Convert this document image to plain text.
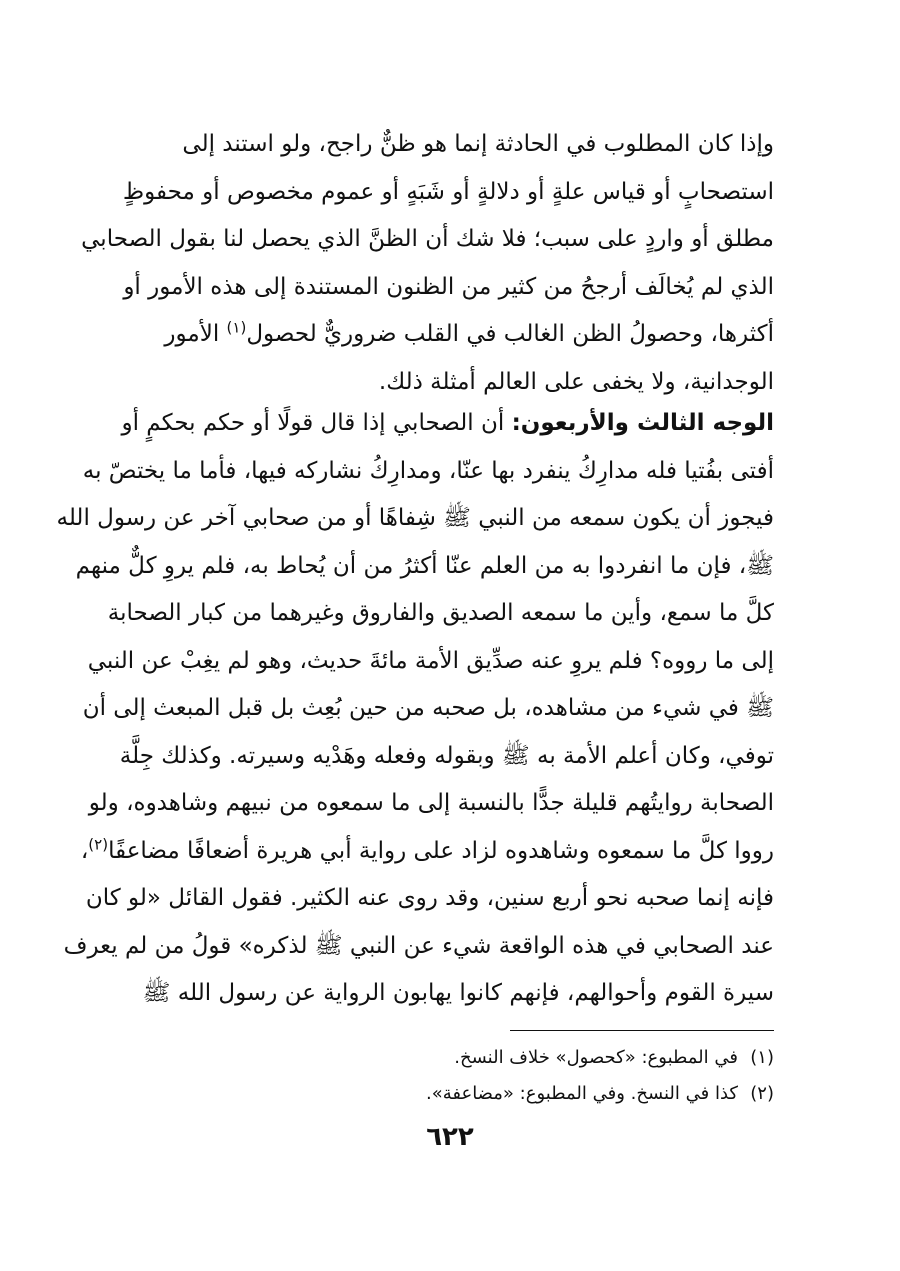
وإذا كان المطلوب في الحادثة إنما هو ظنٌّ راجح، ولو استند إلى
استصحابٍ أو قياس علةٍ أو دلالةٍ أو شَبَهٍ أو عموم مخصوص أو محفوظٍ
مطلق أو واردٍ على سبب؛ فلا شك أن الظنَّ الذي يحصل لنا بقول الصحابي
الذي لم يُخالَف أرجحُ من كثير من الظنون المستندة إلى هذه الأمور أو
أكثرها، وحصولُ الظن الغالب في القلب ضروريٌّ لحصول$^{(١)}$ الأمور
الوجدانية، ولا يخفى على العالم أمثلة ذلك.
الوجه الثالث والأربعون: أن الصحابي إذا قال قولًا أو حكم بحكمٍ أو
أفتى بفُتيا فله مدارِكُ ينفرد بها عنّا، ومدارِكُ نشاركه فيها، فأما ما يختصّ به
فيجوز أن يكون سمعه من النبي ﷺ شِفاهًا أو من صحابي آخر عن رسول الله
ﷺ، فإن ما انفردوا به من العلم عنّا أكثرُ من أن يُحاط به، فلم يروِ كلٌّ منهم
كلَّ ما سمع، وأين ما سمعه الصديق والفاروق وغيرهما من كبار الصحابة
إلى ما رووه؟ فلم يروِ عنه صدِّيق الأمة مائةَ حديث، وهو لم يغِبْ عن النبي
ﷺ في شيء من مشاهده، بل صحبه من حين بُعِث بل قبل المبعث إلى أن
توفي، وكان أعلم الأمة به ﷺ وبقوله وفعله وهَدْيه وسيرته. وكذلك جِلَّة
الصحابة روايتُهم قليلة جدًّا بالنسبة إلى ما سمعوه من نبيهم وشاهدوه، ولو
رووا كلَّ ما سمعوه وشاهدوه لزاد على رواية أبي هريرة أضعافًا مضاعفًا$^{(٢)}$،
فإنه إنما صحبه نحو أربع سنين، وقد روى عنه الكثير. فقول القائل «لو كان
عند الصحابي في هذه الواقعة شيء عن النبي ﷺ لذكره» قولُ من لم يعرف
سيرة القوم وأحوالهم، فإنهم كانوا يهابون الرواية عن رسول الله ﷺ
(١)في المطبوع: «كحصول» خلاف النسخ.
(٢)كذا في النسخ. وفي المطبوع: «مضاعفة».
٦٢٢
